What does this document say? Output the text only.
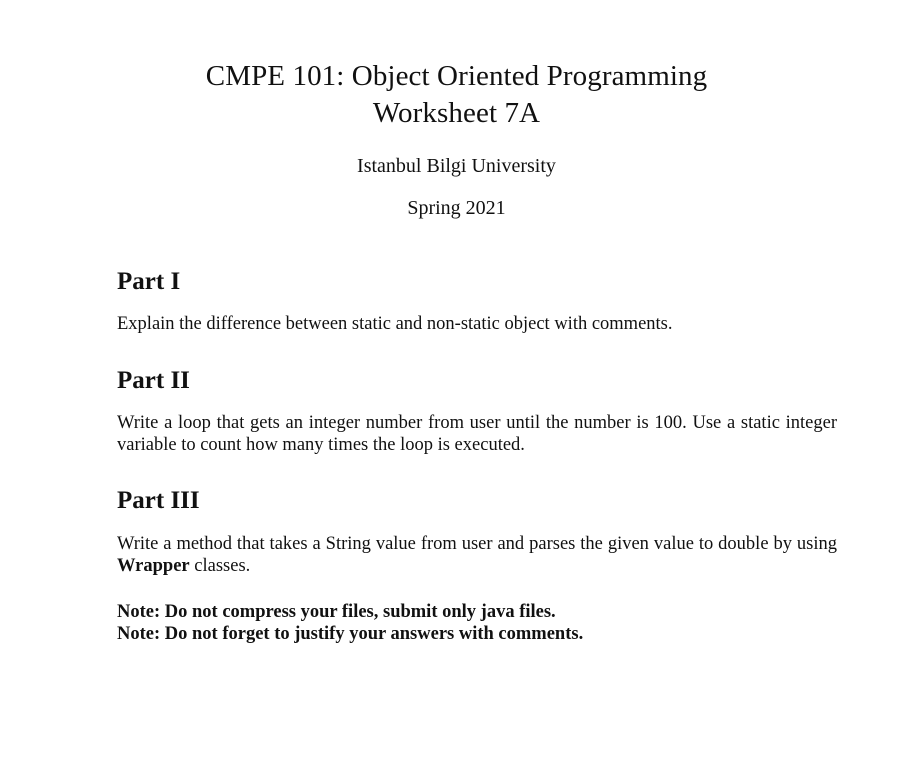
CMPE 101: Object Oriented Programming
Worksheet 7A
Istanbul Bilgi University
Spring 2021
Part I

Explain the difference between static and non-static object with comments.

Part II

Write a loop that gets an integer number from user until the number is 100. Use a static integer variable to count how many times the loop is executed.

Part III

Write a method that takes a String value from user and parses the given value to double by using Wrapper classes.

Note: Do not compress your files, submit only java files.

Note: Do not forget to justify your answers with comments.
